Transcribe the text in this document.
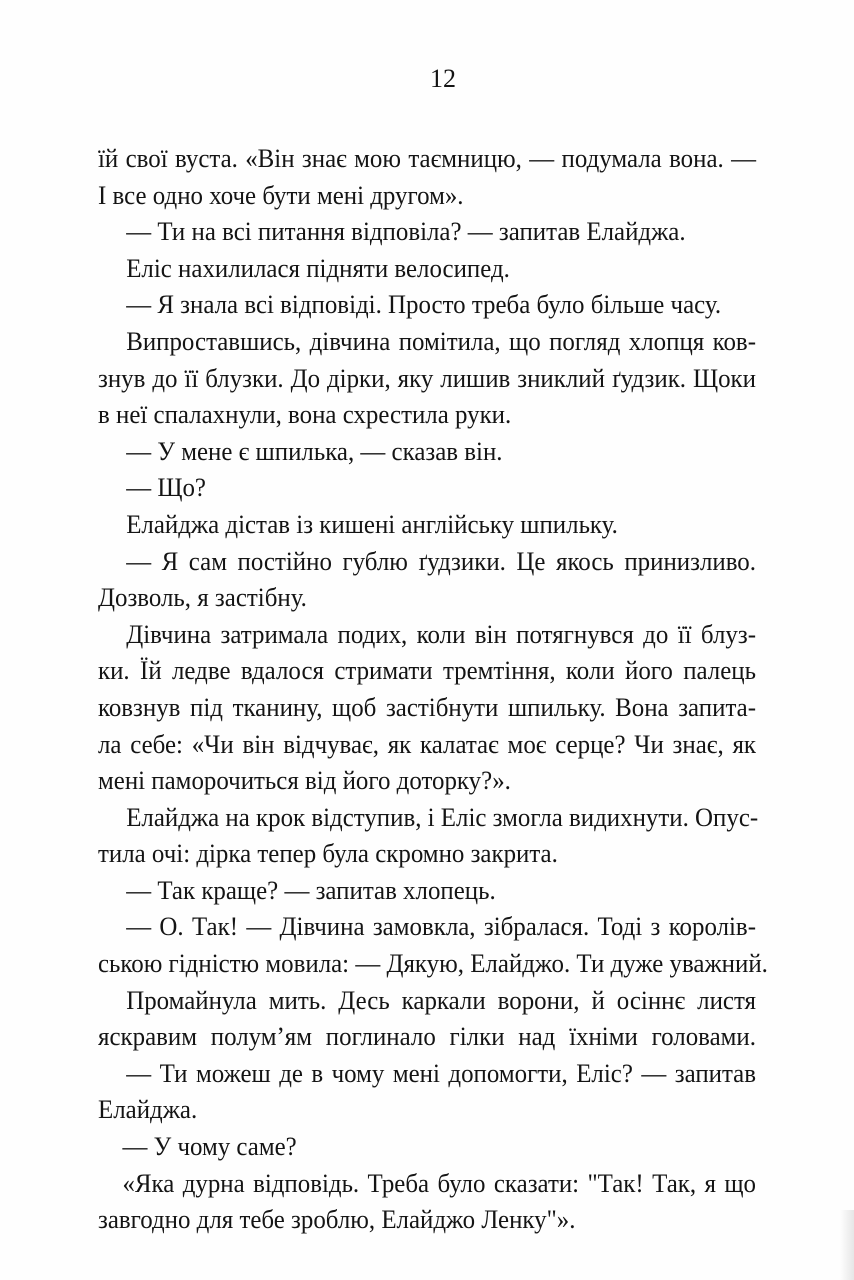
12
їй свої вуста. «Він знає мою таємницю, — подумала вона. —
І все одно хоче бути мені другом».
— Ти на всі питання відповіла? — запитав Елайджа.
Еліс нахилилася підняти велосипед.
— Я знала всі відповіді. Просто треба було більше часу.
Випроставшись, дівчина помітила, що погляд хлопця ков-
знув до її блузки. До дірки, яку лишив зниклий ґудзик. Щоки
в неї спалахнули, вона схрестила руки.
— У мене є шпилька, — сказав він.
— Що?
Елайджа дістав із кишені англійську шпильку.
— Я сам постійно гублю ґудзики. Це якось принизливо.
Дозволь, я застібну.
Дівчина затримала подих, коли він потягнувся до її блуз-
ки. Їй ледве вдалося стримати тремтіння, коли його палець
ковзнув під тканину, щоб застібнути шпильку. Вона запита-
ла себе: «Чи він відчуває, як калатає моє серце? Чи знає, як
мені паморочиться від його доторку?».
Елайджа на крок відступив, і Еліс змогла видихнути. Опус-
тила очі: дірка тепер була скромно закрита.
— Так краще? — запитав хлопець.
— О. Так! — Дівчина замовкла, зібралася. Тоді з королів-
ською гідністю мовила: — Дякую, Елайджо. Ти дуже уважний.
Промайнула мить. Десь каркали ворони, й осіннє листя
яскравим полум’ям поглинало гілки над їхніми головами.
— Ти можеш де в чому мені допомогти, Еліс? — запитав
Елайджа.
— У чому саме?
«Яка дурна відповідь. Треба було сказати: "Так! Так, я що
завгодно для тебе зроблю, Елайджо Ленку"».
